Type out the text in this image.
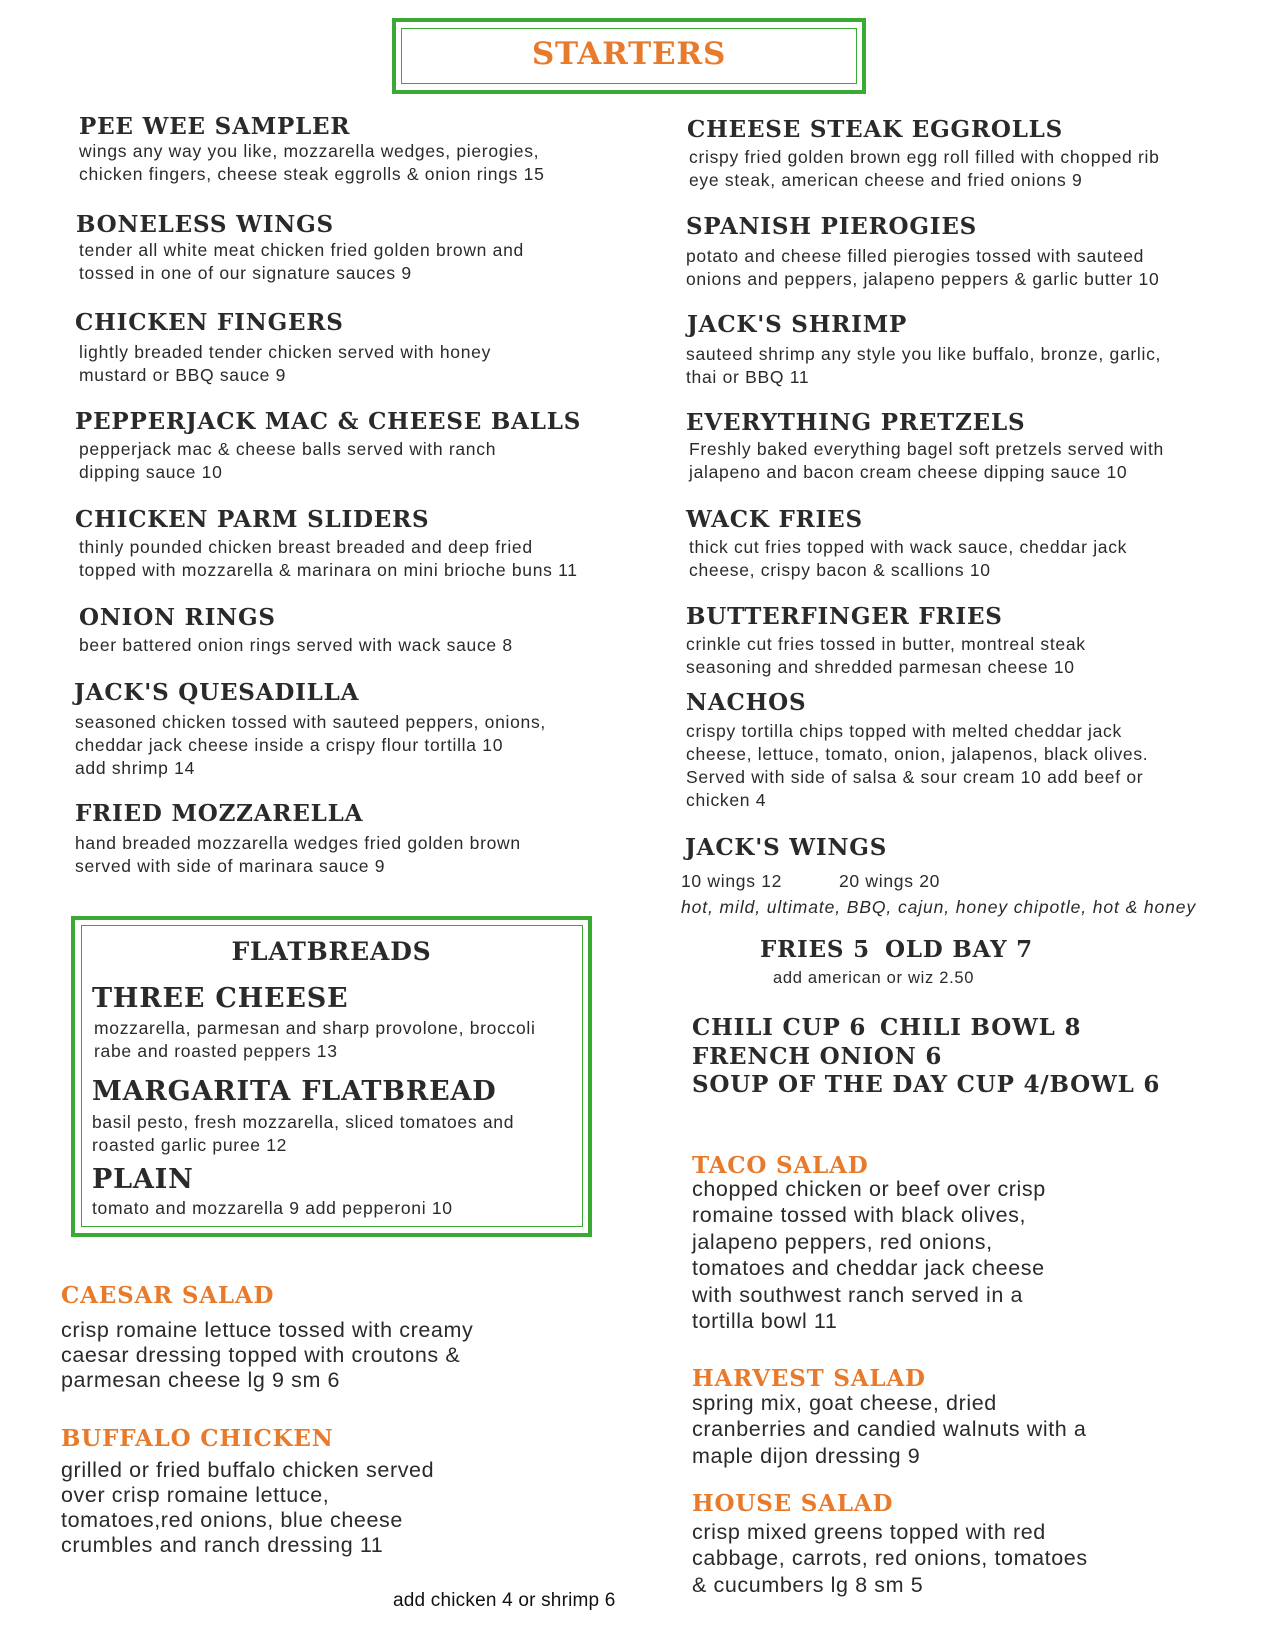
STARTERS
PEE WEE SAMPLER
wings any way you like, mozzarella wedges, pierogies,
chicken fingers, cheese steak eggrolls & onion rings 15
BONELESS WINGS
tender all white meat chicken fried golden brown and
tossed in one of our signature sauces 9
CHICKEN FINGERS
lightly breaded tender chicken served with honey
mustard or BBQ sauce 9
PEPPERJACK MAC & CHEESE BALLS
pepperjack mac & cheese balls served with ranch
dipping sauce 10
CHICKEN PARM SLIDERS
thinly pounded chicken breast breaded and deep fried
topped with mozzarella & marinara on mini brioche buns 11
ONION RINGS
beer battered onion rings served with wack sauce 8
JACK'S QUESADILLA
seasoned chicken tossed with sauteed peppers, onions,
cheddar jack cheese inside a crispy flour tortilla 10
add shrimp 14
FRIED MOZZARELLA
hand breaded mozzarella wedges fried golden brown
served with side of marinara sauce 9
CHEESE STEAK EGGROLLS
crispy fried golden brown egg roll filled with chopped rib
eye steak, american cheese and fried onions 9
SPANISH PIEROGIES
potato and cheese filled pierogies tossed with sauteed
onions and peppers, jalapeno peppers & garlic butter 10
JACK'S SHRIMP
sauteed shrimp any style you like buffalo, bronze, garlic,
thai or BBQ 11
EVERYTHING PRETZELS
Freshly baked everything bagel soft pretzels served with
jalapeno and bacon cream cheese dipping sauce 10
WACK FRIES
thick cut fries topped with wack sauce, cheddar jack
cheese, crispy bacon & scallions 10
BUTTERFINGER FRIES
crinkle cut fries tossed in butter, montreal steak
seasoning and shredded parmesan cheese 10
NACHOS
crispy tortilla chips topped with melted cheddar jack
cheese, lettuce, tomato, onion, jalapenos, black olives.
Served with side of salsa & sour cream 10 add beef or
chicken 4
JACK'S WINGS
10 wings 12	20 wings 20
hot, mild, ultimate, BBQ, cajun, honey chipotle, hot & honey
FRIES 5 OLD BAY 7
add american or wiz 2.50
CHILI CUP 6 CHILI BOWL 8
FRENCH ONION 6
SOUP OF THE DAY CUP 4/BOWL 6
FLATBREADS
THREE CHEESE
mozzarella, parmesan and sharp provolone, broccoli
rabe and roasted peppers 13
MARGARITA FLATBREAD
basil pesto, fresh mozzarella, sliced tomatoes and
roasted garlic puree 12
PLAIN
tomato and mozzarella 9 add pepperoni 10
CAESAR SALAD
crisp romaine lettuce tossed with creamy
caesar dressing topped with croutons &
parmesan cheese lg 9 sm 6
BUFFALO CHICKEN
grilled or fried buffalo chicken served
over crisp romaine lettuce,
tomatoes,red onions, blue cheese
crumbles and ranch dressing 11
TACO SALAD
chopped chicken or beef over crisp
romaine tossed with black olives,
jalapeno peppers, red onions,
tomatoes and cheddar jack cheese
with southwest ranch served in a
tortilla bowl 11
HARVEST SALAD
spring mix, goat cheese, dried
cranberries and candied walnuts with a
maple dijon dressing 9
HOUSE SALAD
crisp mixed greens topped with red
cabbage, carrots, red onions, tomatoes
& cucumbers lg 8 sm 5
add chicken 4 or shrimp 6
